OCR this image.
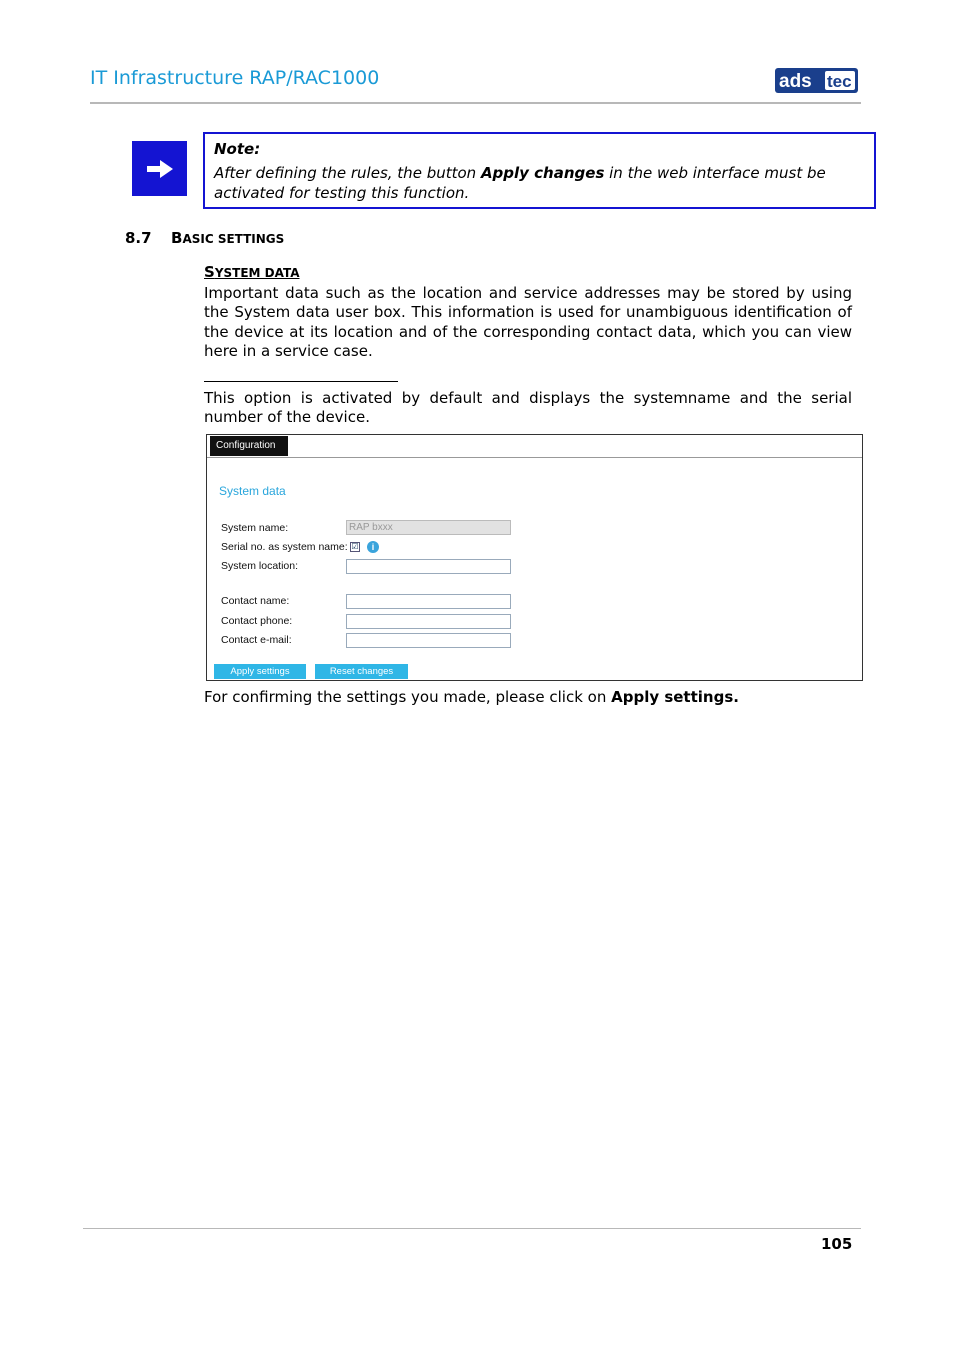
IT Infrastructure RAP/RAC1000	ads tec
Note:
After defining the rules, the button Apply changes in the web interface must be activated for testing this function.
8.7 BASIC SETTINGS
SYSTEM DATA
Important data such as the location and service addresses may be stored by using the System data user box. This information is used for unambiguous identification of the device at its location and of the corresponding contact data, which you can view here in a service case.
This option is activated by default and displays the systemname and the serial number of the device.
Configuration
System data
System name:	RAP bxxx
Serial no. as system name: ☑	i
System location:
Contact name:
Contact phone:
Contact e-mail:
Apply settings	Reset changes
For confirming the settings you made, please click on Apply settings.
105
